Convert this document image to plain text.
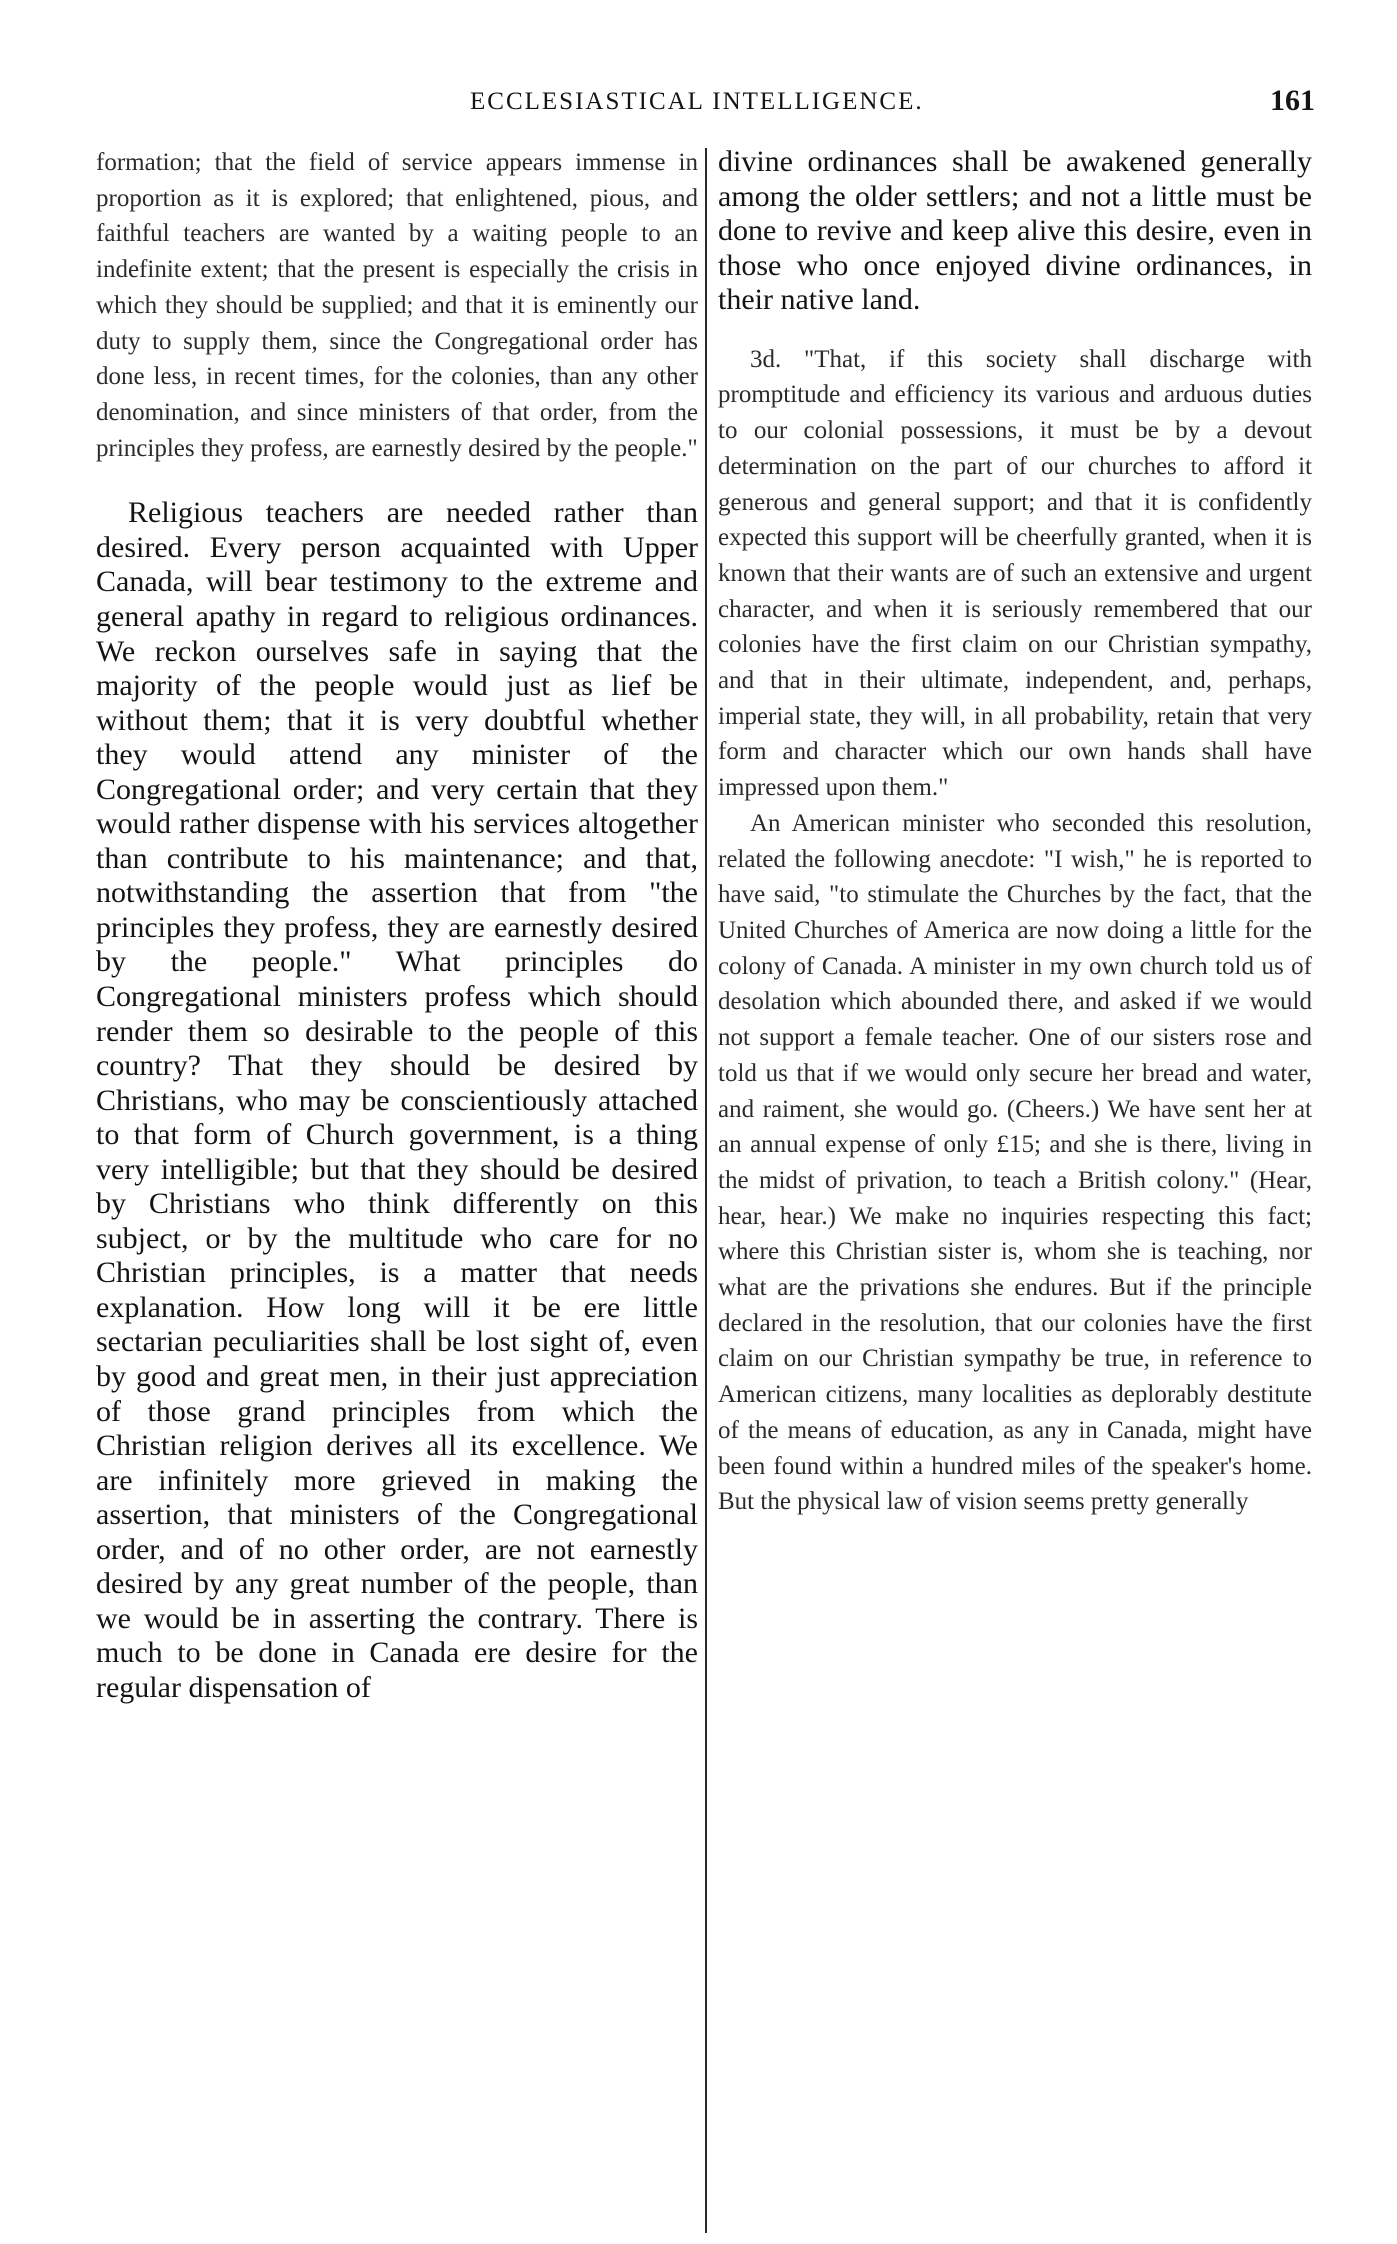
ECCLESIASTICAL INTELLIGENCE.	161

formation; that the field of service appears immense in proportion as it is explored; that enlightened, pious, and faithful teachers are wanted by a waiting people to an indefinite extent; that the present is especially the crisis in which they should be supplied; and that it is eminently our duty to supply them, since the Congregational order has done less, in recent times, for the colonies, than any other denomination, and since ministers of that order, from the principles they profess, are earnestly desired by the people."

Religious teachers are needed rather than desired. Every person acquainted with Upper Canada, will bear testimony to the extreme and general apathy in regard to religious ordinances. We reckon ourselves safe in saying that the majority of the people would just as lief be without them; that it is very doubtful whether they would attend any minister of the Congregational order; and very certain that they would rather dispense with his services altogether than contribute to his maintenance; and that, notwithstanding the assertion that from "the principles they profess, they are earnestly desired by the people." What principles do Congregational ministers profess which should render them so desirable to the people of this country? That they should be desired by Christians, who may be conscientiously attached to that form of Church government, is a thing very intelligible; but that they should be desired by Christians who think differently on this subject, or by the multitude who care for no Christian principles, is a matter that needs explanation. How long will it be ere little sectarian peculiarities shall be lost sight of, even by good and great men, in their just appreciation of those grand principles from which the Christian religion derives all its excellence. We are infinitely more grieved in making the assertion, that ministers of the Congregational order, and of no other order, are not earnestly desired by any great number of the people, than we would be in asserting the contrary. There is much to be done in Canada ere desire for the regular dispensation of

divine ordinances shall be awakened generally among the older settlers; and not a little must be done to revive and keep alive this desire, even in those who once enjoyed divine ordinances, in their native land.

3d. "That, if this society shall discharge with promptitude and efficiency its various and arduous duties to our colonial possessions, it must be by a devout determination on the part of our churches to afford it generous and general support; and that it is confidently expected this support will be cheerfully granted, when it is known that their wants are of such an extensive and urgent character, and when it is seriously remembered that our colonies have the first claim on our Christian sympathy, and that in their ultimate, independent, and, perhaps, imperial state, they will, in all probability, retain that very form and character which our own hands shall have impressed upon them."

An American minister who seconded this resolution, related the following anecdote: "I wish," he is reported to have said, "to stimulate the Churches by the fact, that the United Churches of America are now doing a little for the colony of Canada. A minister in my own church told us of desolation which abounded there, and asked if we would not support a female teacher. One of our sisters rose and told us that if we would only secure her bread and water, and raiment, she would go. (Cheers.) We have sent her at an annual expense of only £15; and she is there, living in the midst of privation, to teach a British colony." (Hear, hear, hear.) We make no inquiries respecting this fact; where this Christian sister is, whom she is teaching, nor what are the privations she endures. But if the principle declared in the resolution, that our colonies have the first claim on our Christian sympathy be true, in reference to American citizens, many localities as deplorably destitute of the means of education, as any in Canada, might have been found within a hundred miles of the speaker's home. But the physical law of vision seems pretty generally
